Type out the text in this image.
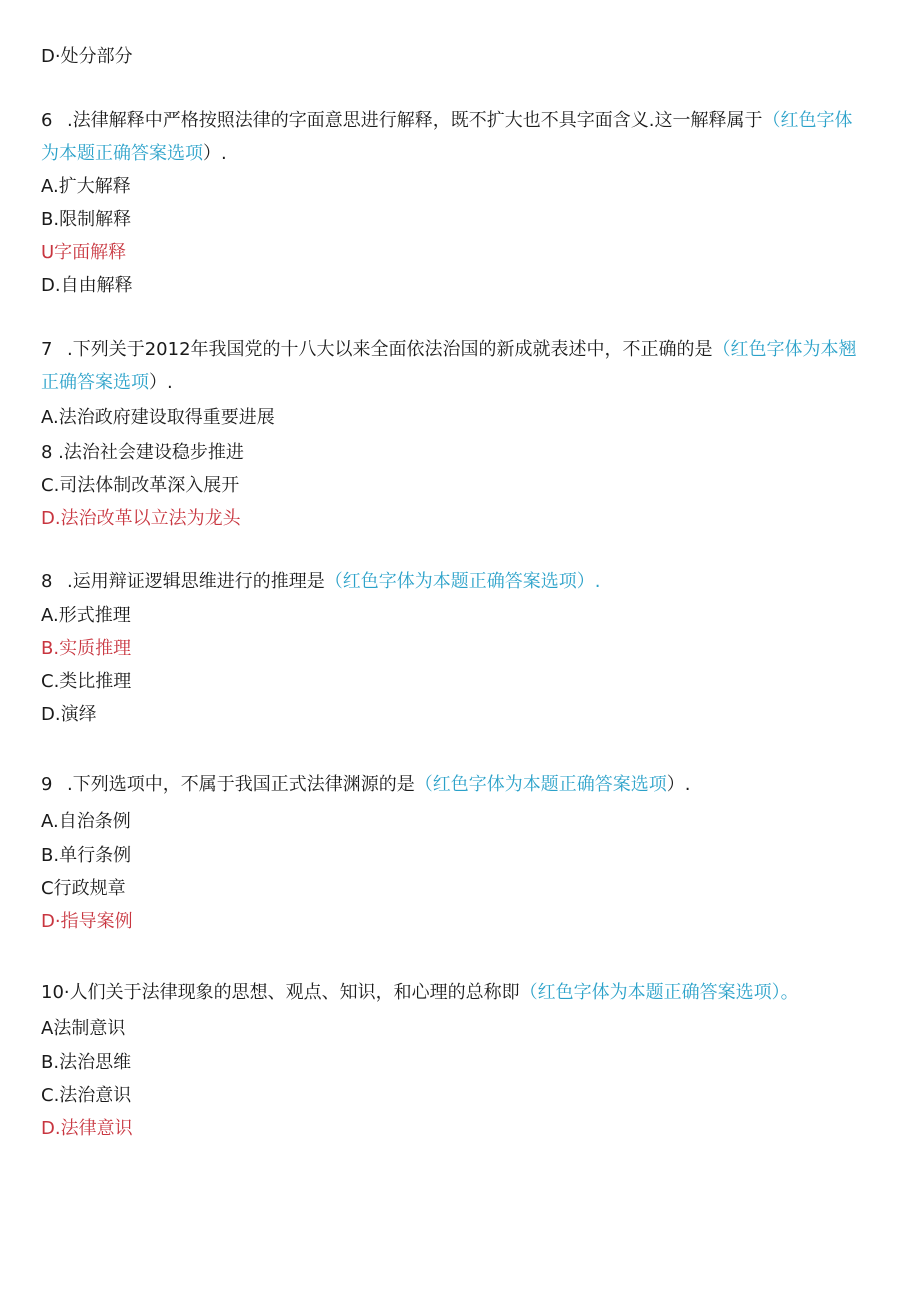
D·处分部分

6 .法律解释中严格按照法律的字面意思进行解释，既不扩大也不具字面含义.这一解释属于（红色字体

为本题正确答案选项）.

A.扩大解释

B.限制解释

U字面解释

D.自由解释

7 .下列关于2012年我国党的十八大以来全面依法治国的新成就表述中，不正确的是（红色字体为本翘

正确答案选项）.

A.法治政府建设取得重要进展

8 .法治社会建设稳步推进

C.司法体制改革深入展开

D.法治改革以立法为龙头

8 .运用辩证逻辑思维进行的推理是（红色字体为本题正确答案选项）.

A.形式推理

B.实质推理

C.类比推理

D.演绎

9 .下列选项中，不属于我国正式法律渊源的是（红色字体为本题正确答案选项）.

A.自治条例

B.单行条例

C行政规章

D·指导案例

10·人们关于法律现象的思想、观点、知识，和心理的总称即（红色字体为本题正确答案选项）。

A法制意识

B.法治思维

C.法治意识

D.法律意识
